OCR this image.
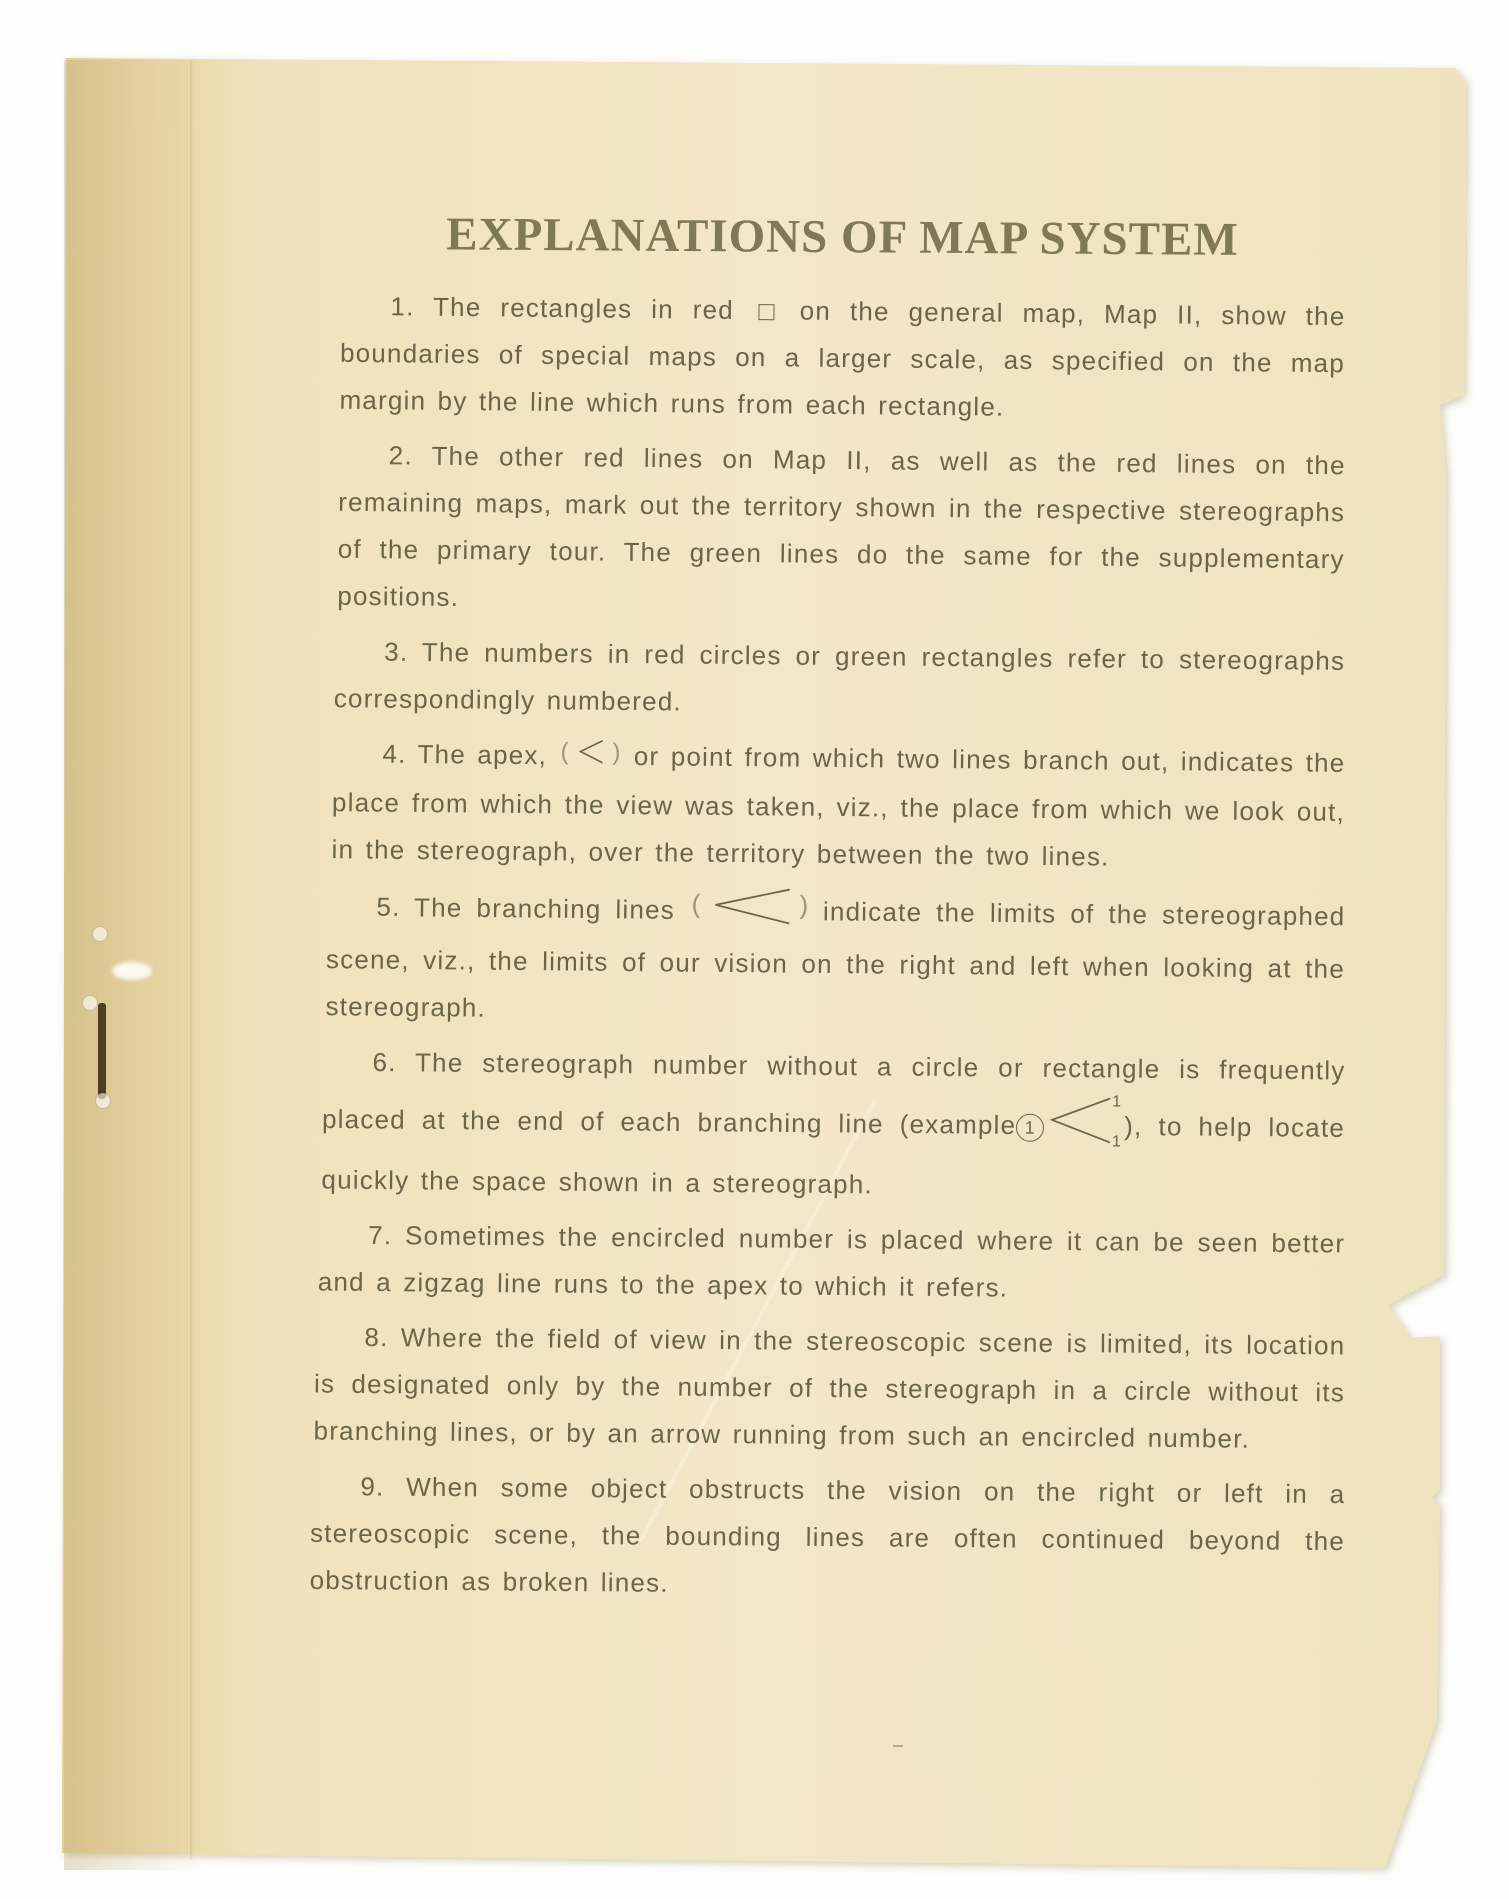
EXPLANATIONS OF MAP SYSTEM

1. The rectangles in red	on the general map, Map II, show the boundaries of special maps on a larger scale, as specified on the map margin by the line which runs from each rectangle.

2. The other red lines on Map II, as well as the red lines on the remaining maps, mark out the territory shown in the respective stereographs of the primary tour. The green lines do the same for the supplementary positions.

3. The numbers in red circles or green rectangles refer to stereographs correspondingly numbered.

4. The apex, ( ) or point from which two lines branch out, indicates the place from which the view was taken, viz., the place from which we look out, in the stereograph, over the territory between the two lines.

5. The branching lines (	) indicate the limits of the stereographed scene, viz., the limits of our vision on the right and left when looking at the stereograph.

6. The stereograph number without a circle or rectangle is frequently placed at the end of each branching line (example 1
1
1 ), to help locate quickly the space shown in a stereograph.

7. Sometimes the encircled number is placed where it can be seen better and a zigzag line runs to the apex to which it refers.

8. Where the field of view in the stereoscopic scene is limited, its location is designated only by the number of the stereograph in a circle without its branching lines, or by an arrow running from such an encircled number.

9. When some object obstructs the vision on the right or left in a stereoscopic scene, the bounding lines are often continued beyond the obstruction as broken lines.
